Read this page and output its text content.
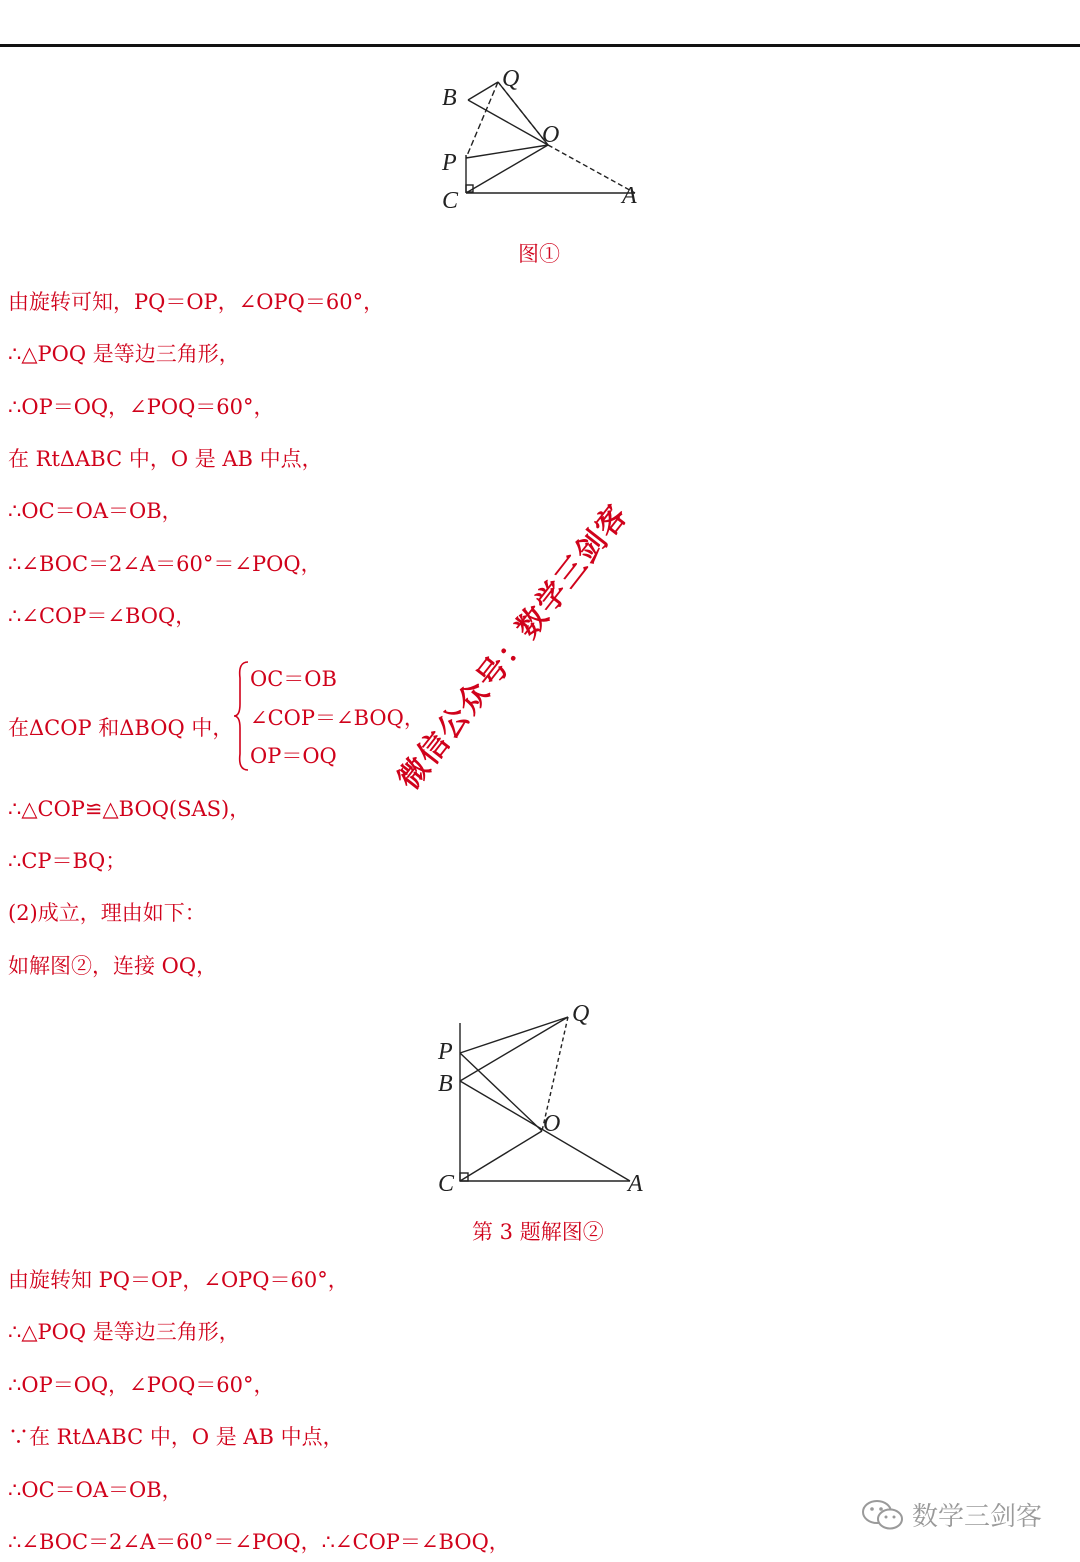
B
Q
O
P
C	A
图①
由旋转可知，PQ＝OP，∠OPQ＝60°，
∴△POQ 是等边三角形，
∴OP＝OQ，∠POQ＝60°，
在 RtΔABC 中，O 是 AB 中点，
∴OC＝OA＝OB，
∴∠BOC＝2∠A＝60°＝∠POQ，
∴∠COP＝∠BOQ，
在ΔCOP 和ΔBOQ 中，
OC＝OB
∠COP＝∠BOQ，
OP＝OQ
∴△COP≌△BOQ(SAS)，
∴CP＝BQ；
(2)成立，理由如下：
如解图②，连接 OQ，
微信公众号：数学三剑客
Q
P
B
O
C	A
第 3 题解图②
由旋转知 PQ＝OP，∠OPQ＝60°，
∴△POQ 是等边三角形，
∴OP＝OQ，∠POQ＝60°，
∵在 RtΔABC 中，O 是 AB 中点，
∴OC＝OA＝OB，
∴∠BOC＝2∠A＝60°＝∠POQ，∴∠COP＝∠BOQ，
数学三剑客
